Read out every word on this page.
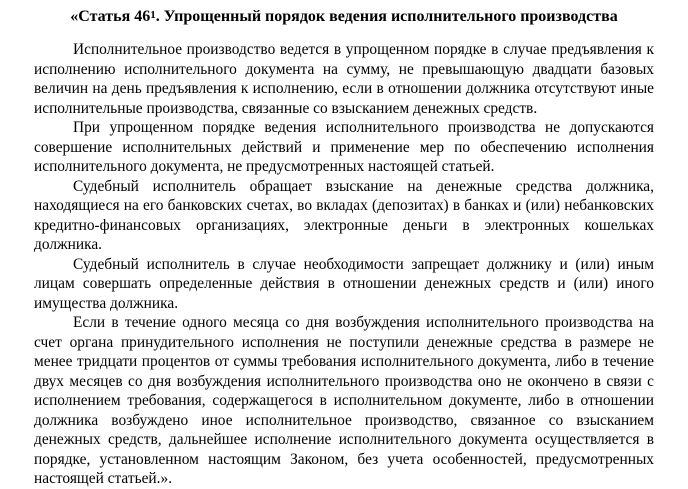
«Статья $46^1$. Упрощенный порядок ведения исполнительного производства

Исполнительное производство ведется в упрощенном порядке в случае предъявления к исполнению исполнительного документа на сумму, не превышающую двадцати базовых величин на день предъявления к исполнению, если в отношении должника отсутствуют иные исполнительные производства, связанные со взысканием денежных средств.

При упрощенном порядке ведения исполнительного производства не допускаются совершение исполнительных действий и применение мер по обеспечению исполнения исполнительного документа, не предусмотренных настоящей статьей.

Судебный исполнитель обращает взыскание на денежные средства должника, находящиеся на его банковских счетах, во вкладах (депозитах) в банках и (или) небанковских кредитно-финансовых организациях, электронные деньги в электронных кошельках должника.

Судебный исполнитель в случае необходимости запрещает должнику и (или) иным лицам совершать определенные действия в отношении денежных средств и (или) иного имущества должника.

Если в течение одного месяца со дня возбуждения исполнительного производства на счет органа принудительного исполнения не поступили денежные средства в размере не менее тридцати процентов от суммы требования исполнительного документа, либо в течение двух месяцев со дня возбуждения исполнительного производства оно не окончено в связи с исполнением требования, содержащегося в исполнительном документе, либо в отношении должника возбуждено иное исполнительное производство, связанное со взысканием денежных средств, дальнейшее исполнение исполнительного документа осуществляется в порядке, установленном настоящим Законом, без учета особенностей, предусмотренных настоящей статьей.».
